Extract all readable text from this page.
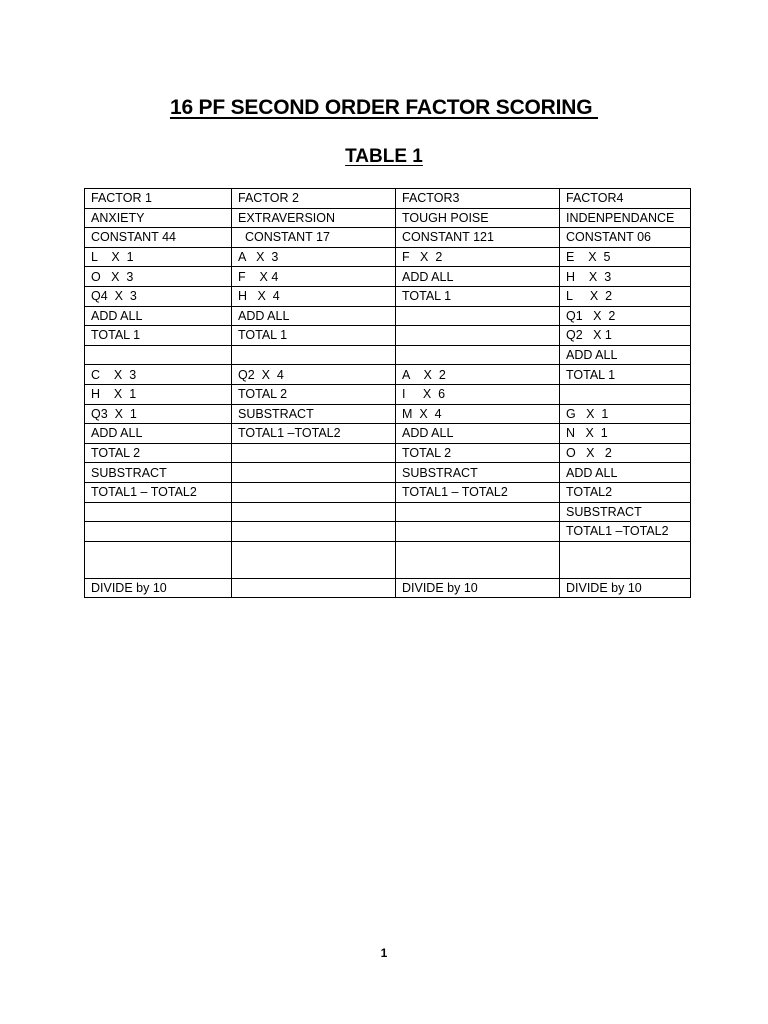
16 PF SECOND ORDER FACTOR SCORING
TABLE 1
FACTOR 1	FACTOR 2	FACTOR3	FACTOR4
ANXIETY	EXTRAVERSION	TOUGH POISE	INDENPENDANCE
CONSTANT 44	CONSTANT 17	CONSTANT 121	CONSTANT 06
L    X  1	A   X  3	F   X  2	E    X  5
O   X  3	F    X 4	ADD ALL	H    X  3
Q4  X  3	H   X  4	TOTAL 1	L     X  2
ADD ALL	ADD ALL		Q1   X  2
TOTAL 1	TOTAL 1		Q2   X 1
			ADD ALL
C    X  3	Q2  X  4	A    X  2	TOTAL 1
H    X  1	TOTAL 2	I     X  6	
Q3  X  1	SUBSTRACT	M  X  4	G   X  1
ADD ALL	TOTAL1 –TOTAL2	ADD ALL	N   X  1
TOTAL 2		TOTAL 2	O   X   2
SUBSTRACT		SUBSTRACT	ADD ALL
TOTAL1 – TOTAL2		TOTAL1 – TOTAL2	TOTAL2
			SUBSTRACT
			TOTAL1 –TOTAL2

DIVIDE by 10		DIVIDE by 10	DIVIDE by 10
1
